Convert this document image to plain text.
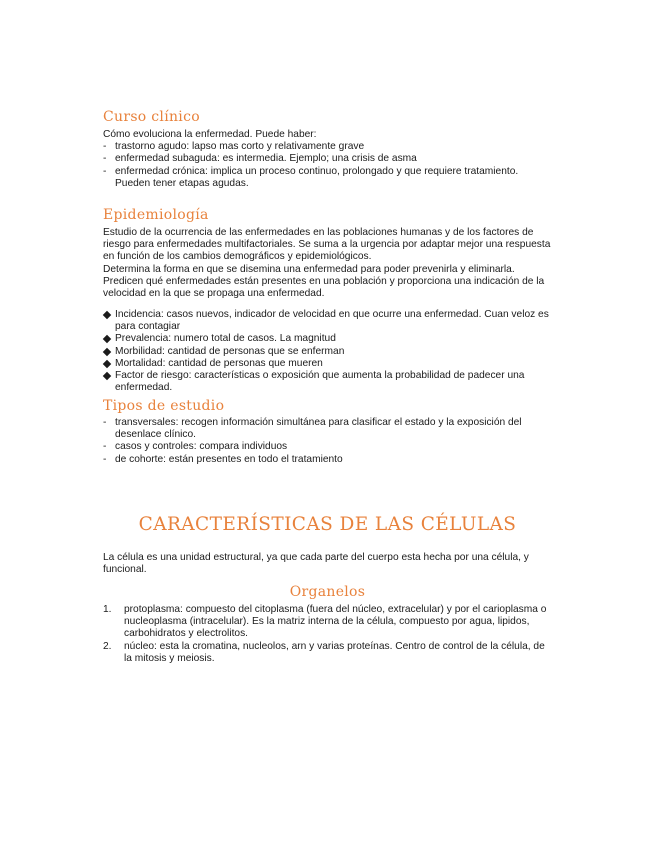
Curso clínico

Cómo evoluciona la enfermedad. Puede haber:

- trastorno agudo: lapso mas corto y relativamente grave
- enfermedad subaguda: es intermedia. Ejemplo; una crisis de asma
- enfermedad crónica: implica un proceso continuo, prolongado y que requiere tratamiento. Pueden tener etapas agudas.
Epidemiología

Estudio de la ocurrencia de las enfermedades en las poblaciones humanas y de los factores de riesgo para enfermedades multifactoriales. Se suma a la urgencia por adaptar mejor una respuesta en función de los cambios demográficos y epidemiológicos.

Determina la forma en que se disemina una enfermedad para poder prevenirla y eliminarla.

Predicen qué enfermedades están presentes en una población y proporciona una indicación de la velocidad en la que se propaga una enfermedad.

Incidencia: casos nuevos, indicador de velocidad en que ocurre una enfermedad. Cuan veloz es para contagiar
Prevalencia: numero total de casos. La magnitud
Morbilidad: cantidad de personas que se enferman
Mortalidad: cantidad de personas que mueren
Factor de riesgo: características o exposición que aumenta la probabilidad de padecer una enfermedad.
Tipos de estudio
- transversales: recogen información simultánea para clasificar el estado y la exposición del desenlace clínico.
- casos y controles: compara individuos
- de cohorte: están presentes en todo el tratamiento
CARACTERÍSTICAS DE LAS CÉLULAS

La célula es una unidad estructural, ya que cada parte del cuerpo esta hecha por una célula, y funcional.

Organelos
1. protoplasma: compuesto del citoplasma (fuera del núcleo, extracelular) y por el carioplasma o nucleoplasma (intracelular). Es la matriz interna de la célula, compuesto por agua, lipidos, carbohidratos y electrolitos.
2. núcleo: esta la cromatina, nucleolos, arn y varias proteínas. Centro de control de la célula, de la mitosis y meiosis.
